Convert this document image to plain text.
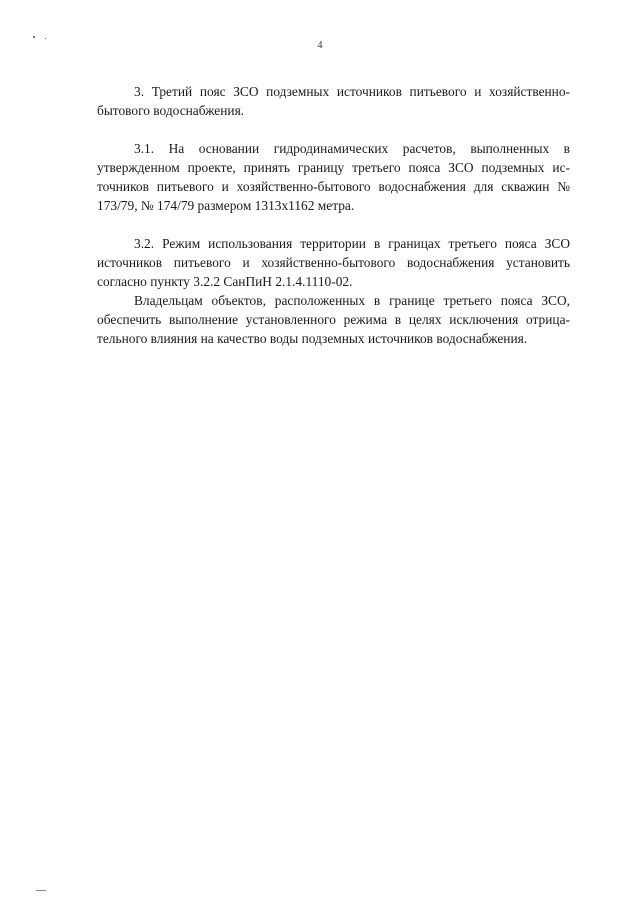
4

3. Третий пояс ЗСО подземных источников питьевого и хозяйственно-бытового водоснабжения.

3.1. На основании гидродинамических расчетов, выполненных в утвержденном проекте, принять границу третьего пояса ЗСО подземных источников питьевого и хозяйственно-бытового водоснабжения для скважин № 173/79, № 174/79 размером 1313х1162 метра.

3.2. Режим использования территории в границах третьего пояса ЗСО источников питьевого и хозяйственно-бытового водоснабжения установить согласно пункту 3.2.2 СанПиН 2.1.4.1110-02.

Владельцам объектов, расположенных в границе третьего пояса ЗСО, обеспечить выполнение установленного режима в целях исключения отрицательного влияния на качество воды подземных источников водоснабжения.
